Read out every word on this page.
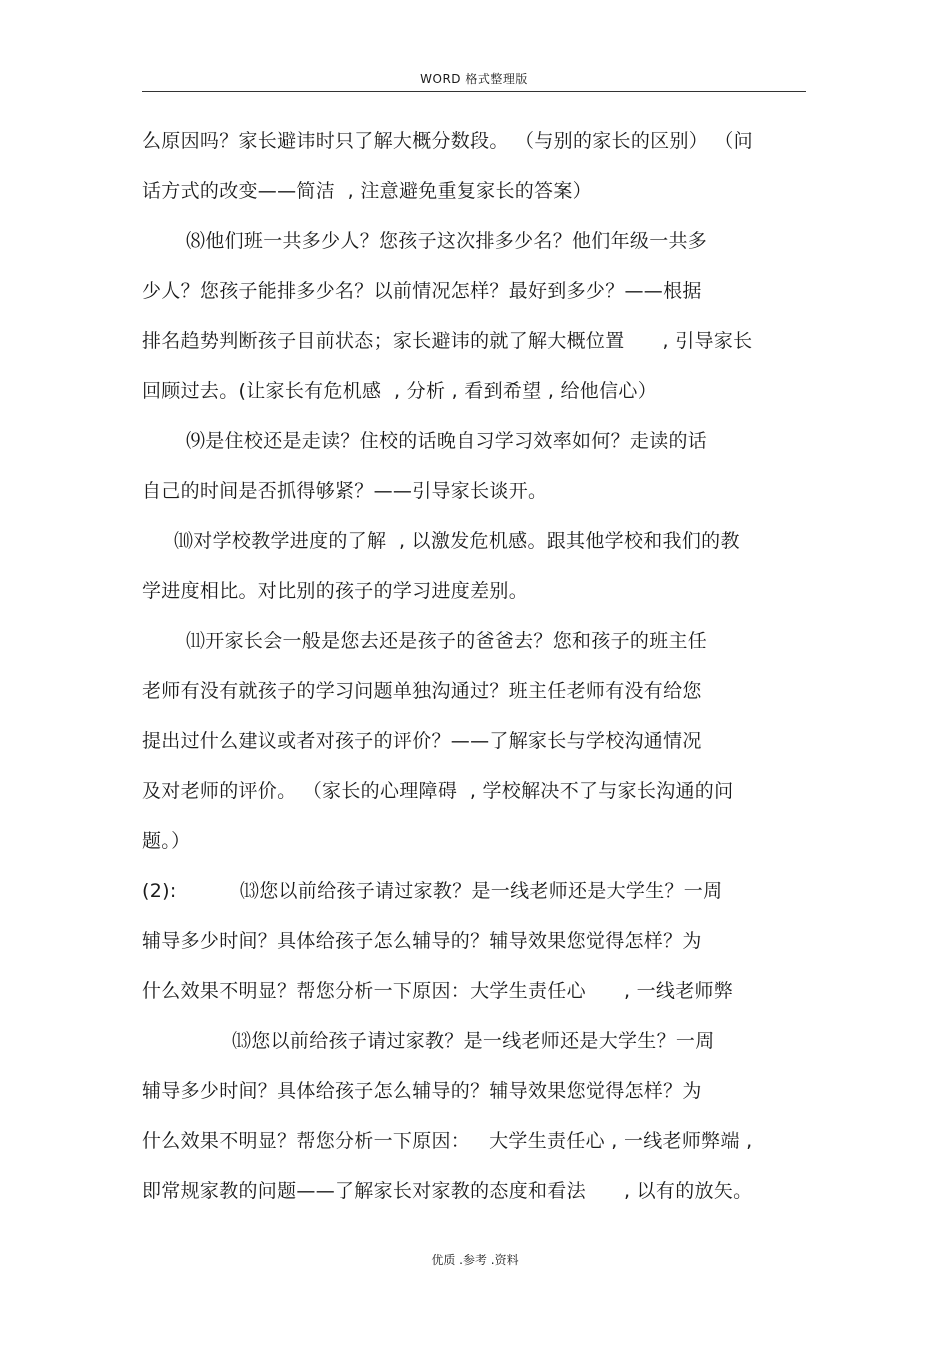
WORD 格式整理版
么原因吗？家长避讳时只了解大概分数段。 （与别的家长的区别） （问
话方式的改变——简洁  , 注意避免重复家长的答案）
⑻他们班一共多少人？您孩子这次排多少名？他们年级一共多
少人？您孩子能排多少名？以前情况怎样？最好到多少？——根据
排名趋势判断孩子目前状态；家长避讳的就了解大概位置      , 引导家长
回顾过去。(让家长有危机感  , 分析 , 看到希望 , 给他信心）
⑼是住校还是走读？住校的话晚自习学习效率如何？走读的话
自己的时间是否抓得够紧？——引导家长谈开。
⑽对学校教学进度的了解  , 以激发危机感。跟其他学校和我们的教
学进度相比。对比别的孩子的学习进度差别。
⑾开家长会一般是您去还是孩子的爸爸去？您和孩子的班主任
老师有没有就孩子的学习问题单独沟通过？班主任老师有没有给您
提出过什么建议或者对孩子的评价？——了解家长与学校沟通情况
及对老师的评价。 （家长的心理障碍  , 学校解决不了与家长沟通的问
题。）
(2):          ⒀您以前给孩子请过家教？是一线老师还是大学生？一周
辅导多少时间？具体给孩子怎么辅导的？辅导效果您觉得怎样？为
什么效果不明显？帮您分析一下原因：大学生责任心      , 一线老师弊
⒀您以前给孩子请过家教？是一线老师还是大学生？一周
辅导多少时间？具体给孩子怎么辅导的？辅导效果您觉得怎样？为
什么效果不明显？帮您分析一下原因：   大学生责任心 , 一线老师弊端 ,
即常规家教的问题——了解家长对家教的态度和看法      , 以有的放矢。
优质 .参考 .资料
